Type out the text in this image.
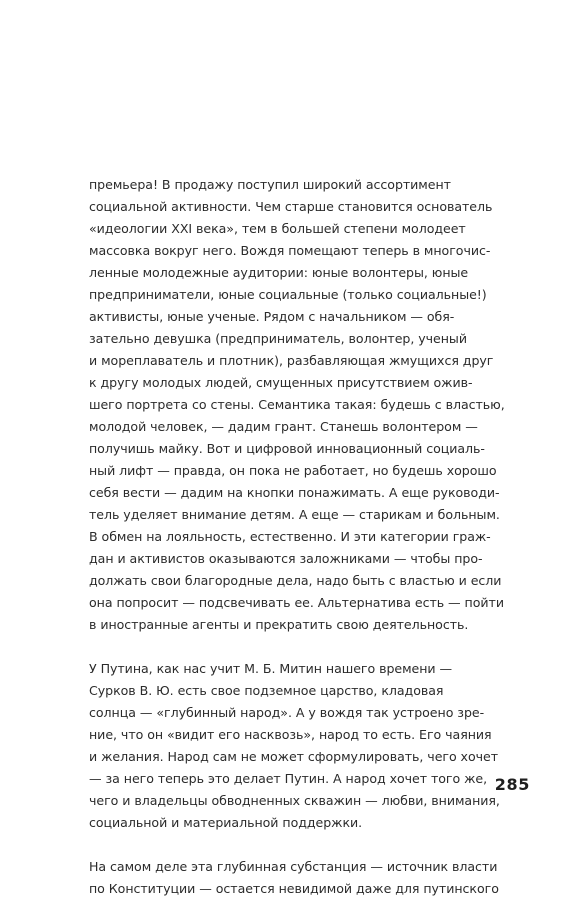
премьера! В продажу поступил широкий ассортимент
социальной активности. Чем старше становится основатель
«идеологии XXI века», тем в большей степени молодеет
массовка вокруг него. Вождя помещают теперь в многочис-
ленные молодежные аудитории: юные волонтеры, юные
предприниматели, юные социальные (только социальные!)
активисты, юные ученые. Рядом с начальником — обя-
зательно девушка (предприниматель, волонтер, ученый
и мореплаватель и плотник), разбавляющая жмущихся друг
к другу молодых людей, смущенных присутствием ожив-
шего портрета со стены. Семантика такая: будешь с властью,
молодой человек, — дадим грант. Станешь волонтером —
получишь майку. Вот и цифровой инновационный социаль-
ный лифт — правда, он пока не работает, но будешь хорошо
себя вести — дадим на кнопки понажимать. А еще руководи-
тель уделяет внимание детям. А еще — старикам и больным.
В обмен на лояльность, естественно. И эти категории граж-
дан и активистов оказываются заложниками — чтобы про-
должать свои благородные дела, надо быть с властью и если
она попросит — подсвечивать ее. Альтернатива есть — пойти
в иностранные агенты и прекратить свою деятельность.
У Путина, как нас учит М. Б. Митин нашего времени —
Сурков В. Ю. есть свое подземное царство, кладовая
солнца — «глубинный народ». А у вождя так устроено зре-
ние, что он «видит его насквозь», народ то есть. Его чаяния
и желания. Народ сам не может сформулировать, чего хочет
— за него теперь это делает Путин. А народ хочет того же,
чего и владельцы обводненных скважин — любви, внимания,
социальной и материальной поддержки.
На самом деле эта глубинная субстанция — источник власти
по Конституции — остается невидимой даже для путинского
285
